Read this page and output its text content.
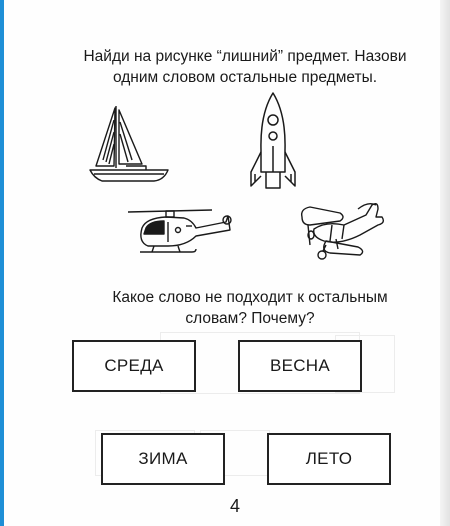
Найди на рисунке “лишний” предмет. Назови
одним словом остальные предметы.
Какое слово не подходит к остальным
словам? Почему?
СРЕДА	ВЕСНА
ЗИМА	ЛЕТО
4
